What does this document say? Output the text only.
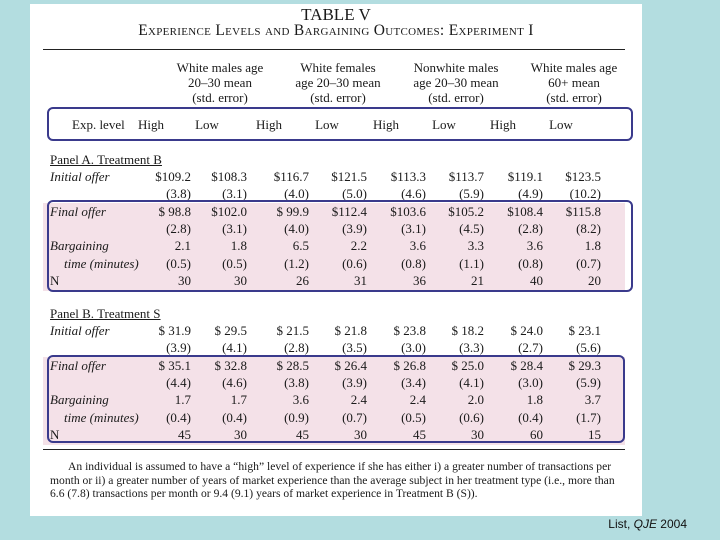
TABLE V
Experience Levels and Bargaining Outcomes: Experiment I
White males age
20–30 mean
(std. error)
White females
age 20–30 mean
(std. error)
Nonwhite males
age 20–30 mean
(std. error)
White males age
60+ mean
(std. error)
Exp. level	High	Low	High	Low	High	Low	High	Low
Panel A. Treatment B
Initial offer	$109.2	$108.3	$116.7	$121.5	$113.3	$113.7	$119.1	$123.5
(3.8)	(3.1)	(4.0)	(5.0)	(4.6)	(5.9)	(4.9)	(10.2)
Final offer	$ 98.8	$102.0	$ 99.9	$112.4	$103.6	$105.2	$108.4	$115.8
(2.8)	(3.1)	(4.0)	(3.9)	(3.1)	(4.5)	(2.8)	(8.2)
Bargaining	2.1	1.8	6.5	2.2	3.6	3.3	3.6	1.8
time (minutes)	(0.5)	(0.5)	(1.2)	(0.6)	(0.8)	(1.1)	(0.8)	(0.7)
N	30	30	26	31	36	21	40	20
Panel B. Treatment S
Initial offer	$ 31.9	$ 29.5	$ 21.5	$ 21.8	$ 23.8	$ 18.2	$ 24.0	$ 23.1
(3.9)	(4.1)	(2.8)	(3.5)	(3.0)	(3.3)	(2.7)	(5.6)
Final offer	$ 35.1	$ 32.8	$ 28.5	$ 26.4	$ 26.8	$ 25.0	$ 28.4	$ 29.3
(4.4)	(4.6)	(3.8)	(3.9)	(3.4)	(4.1)	(3.0)	(5.9)
Bargaining	1.7	1.7	3.6	2.4	2.4	2.0	1.8	3.7
time (minutes)	(0.4)	(0.4)	(0.9)	(0.7)	(0.5)	(0.6)	(0.4)	(1.7)
N	45	30	45	30	45	30	60	15
An individual is assumed to have a “high” level of experience if she has either i) a greater number of transactions per month or ii) a greater number of years of market experience than the average subject in her treatment type (i.e., more than 6.6 (7.8) transactions per month or 9.4 (9.1) years of market experience in Treatment B (S)).
List, QJE 2004
